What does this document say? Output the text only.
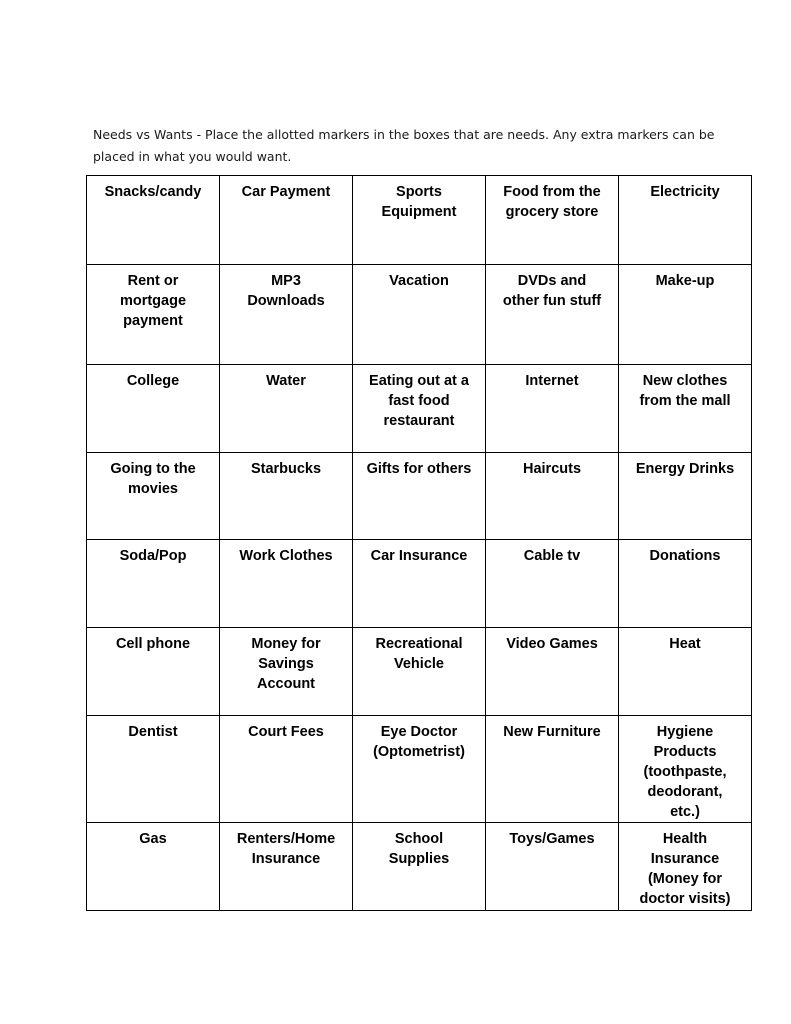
Needs vs Wants - Place the allotted markers in the boxes that are needs. Any extra markers can be
placed in what you would want.
Snacks/candy	Car Payment	Sports
Equipment	Food from the
grocery store	Electricity

Rent or
mortgage
payment	MP3
Downloads	Vacation	DVDs and
other fun stuff	Make-up

College	Water	Eating out at a
fast food
restaurant	Internet	New clothes
from the mall

Going to the
movies	Starbucks	Gifts for others	Haircuts	Energy Drinks

Soda/Pop	Work Clothes	Car Insurance	Cable tv	Donations

Cell phone	Money for
Savings
Account	Recreational
Vehicle	Video Games	Heat

Dentist	Court Fees	Eye Doctor
(Optometrist)	New Furniture	Hygiene
Products
(toothpaste,
deodorant,
etc.)

Gas	Renters/Home
Insurance	School
Supplies	Toys/Games	Health
Insurance
(Money for
doctor visits)
